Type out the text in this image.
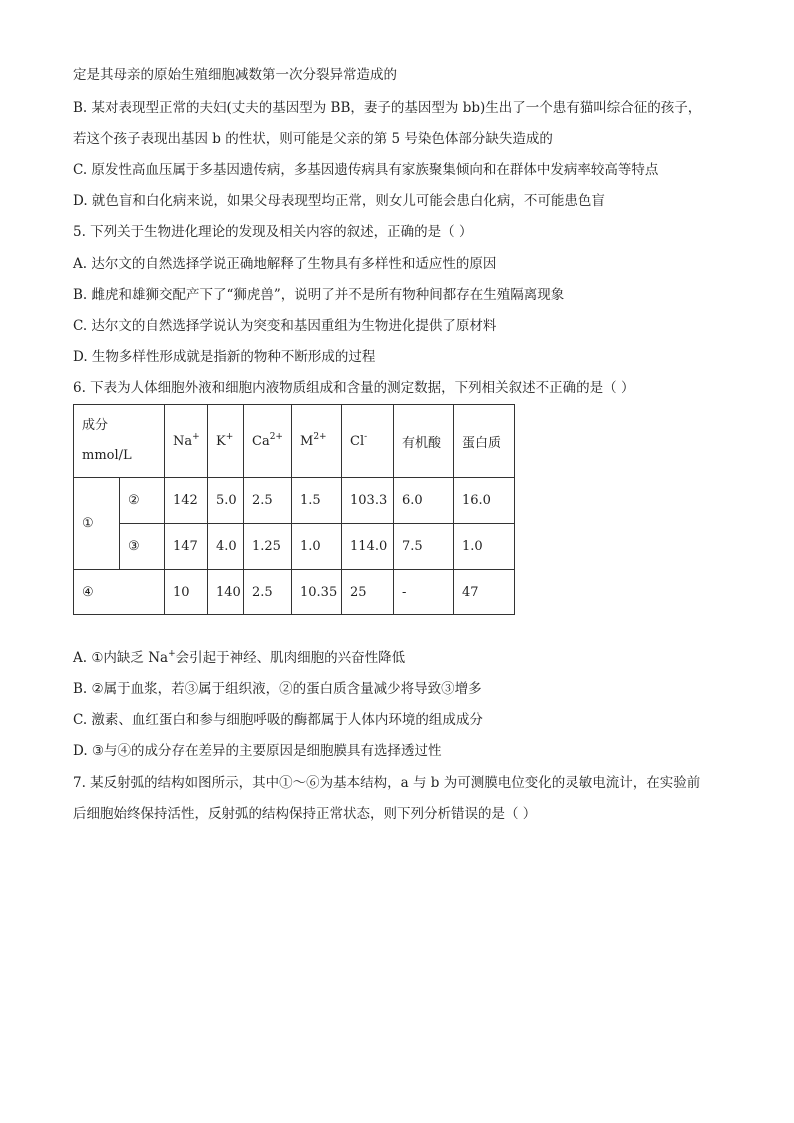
定是其母亲的原始生殖细胞减数第一次分裂异常造成的
B. 某对表现型正常的夫妇(丈夫的基因型为 BB，妻子的基因型为 bb)生出了一个患有猫叫综合征的孩子，
若这个孩子表现出基因 b 的性状，则可能是父亲的第 5 号染色体部分缺失造成的
C. 原发性高血压属于多基因遗传病，多基因遗传病具有家族聚集倾向和在群体中发病率较高等特点
D. 就色盲和白化病来说，如果父母表现型均正常，则女儿可能会患白化病，不可能患色盲
5. 下列关于生物进化理论的发现及相关内容的叙述，正确的是（ ）
A. 达尔文的自然选择学说正确地解释了生物具有多样性和适应性的原因
B. 雌虎和雄狮交配产下了“狮虎兽”，说明了并不是所有物种间都存在生殖隔离现象
C. 达尔文的自然选择学说认为突变和基因重组为生物进化提供了原材料
D. 生物多样性形成就是指新的物种不断形成的过程
6. 下表为人体细胞外液和细胞内液物质组成和含量的测定数据，下列相关叙述不正确的是（ ）
成分
mmol/L		Na+	K+	$Ca^{2+}$	$M^{2+}$	Cl-	有机酸	蛋白质
①	②	142	5.0	2.5	1.5	103.3	6.0	16.0
	③	147	4.0	1.25	1.0	114.0	7.5	1.0
④		10	140	2.5	10.35	25	-	47
A. ①内缺乏 Na+会引起于神经、肌肉细胞的兴奋性降低
B. ②属于血浆，若③属于组织液，②的蛋白质含量减少将导致③增多
C. 激素、血红蛋白和参与细胞呼吸的酶都属于人体内环境的组成成分
D. ③与④的成分存在差异的主要原因是细胞膜具有选择透过性
7. 某反射弧的结构如图所示，其中①～⑥为基本结构，a 与 b 为可测膜电位变化的灵敏电流计，在实验前
后细胞始终保持活性，反射弧的结构保持正常状态，则下列分析错误的是（ ）
